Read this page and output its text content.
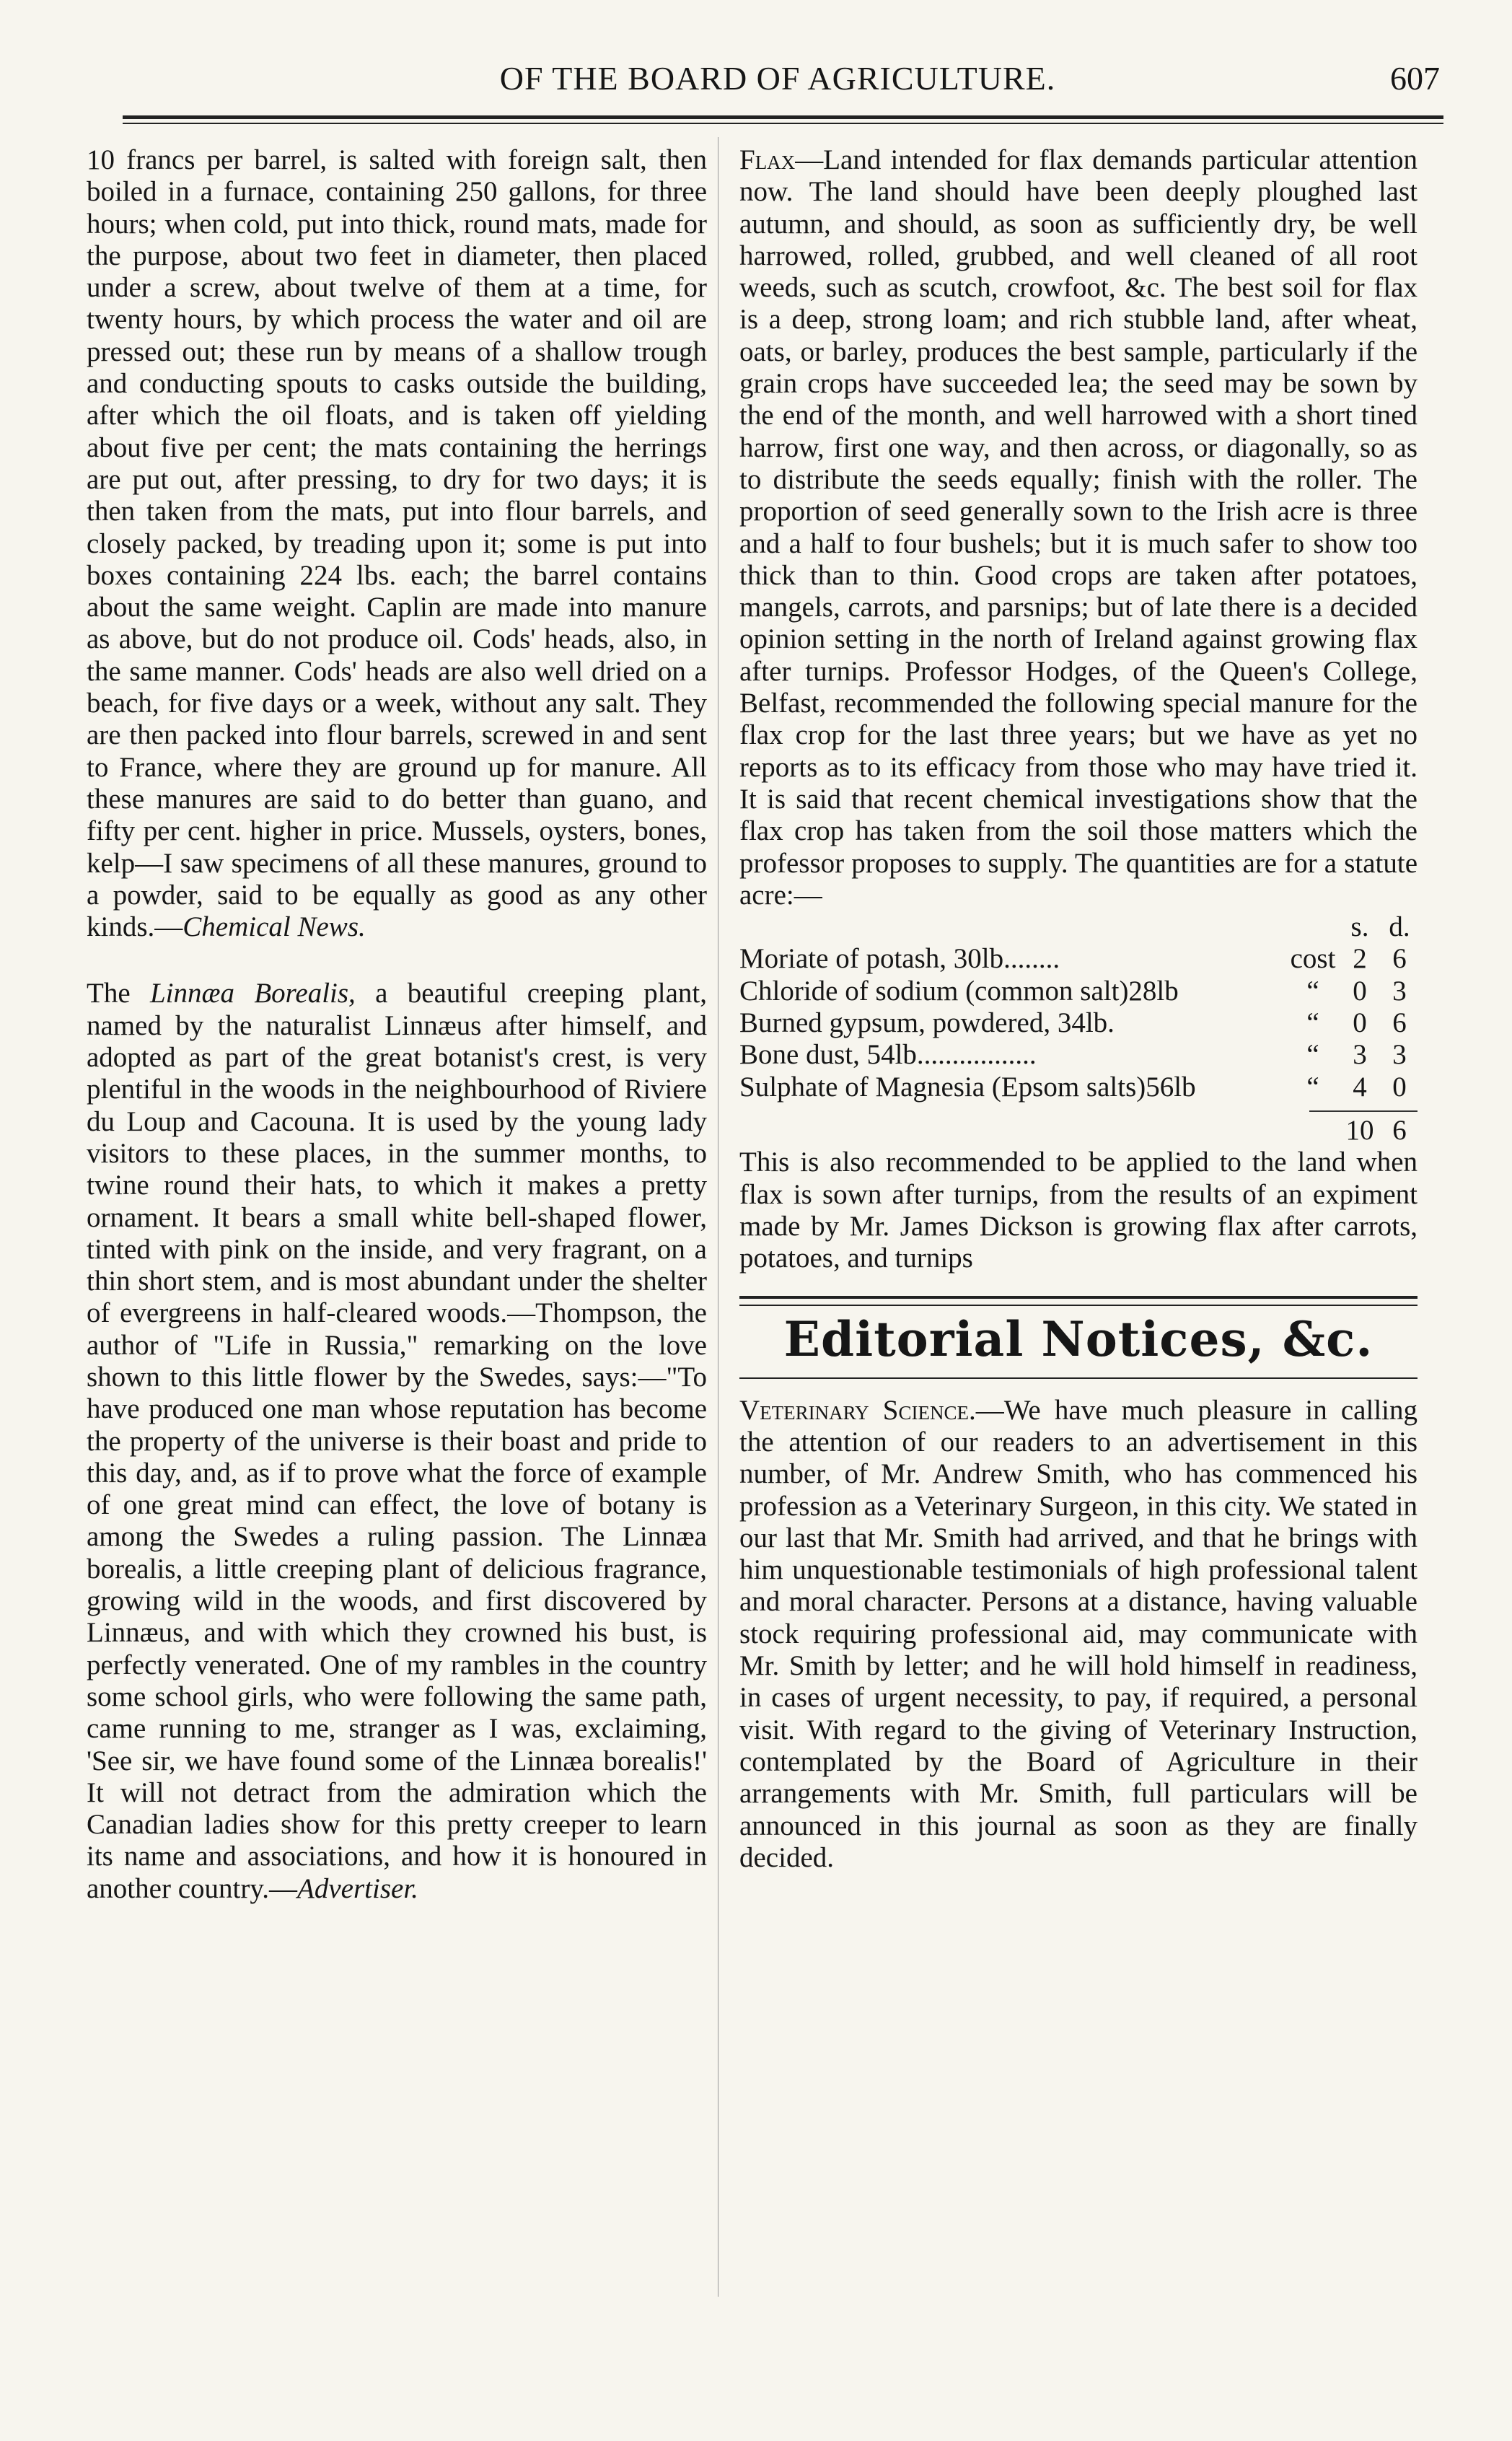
OF THE BOARD OF AGRICULTURE.	607

10 francs per barrel, is salted with foreign salt, then boiled in a furnace, containing 250 gallons, for three hours; when cold, put into thick, round mats, made for the purpose, about two feet in diameter, then placed under a screw, about twelve of them at a time, for twenty hours, by which process the water and oil are pressed out; these run by means of a shallow trough and conducting spouts to casks outside the building, after which the oil floats, and is taken off yielding about five per cent; the mats containing the herrings are put out, after pressing, to dry for two days; it is then taken from the mats, put into flour barrels, and closely packed, by treading upon it; some is put into boxes containing 224 lbs. each; the barrel contains about the same weight. Caplin are made into manure as above, but do not produce oil. Cods' heads, also, in the same manner. Cods' heads are also well dried on a beach, for five days or a week, without any salt. They are then packed into flour barrels, screwed in and sent to France, where they are ground up for manure. All these manures are said to do better than guano, and fifty per cent. higher in price. Mussels, oysters, bones, kelp—I saw specimens of all these manures, ground to a powder, said to be equally as good as any other kinds.—Chemical News.

The Linnæa Borealis, a beautiful creeping plant, named by the naturalist Linnæus after himself, and adopted as part of the great botanist's crest, is very plentiful in the woods in the neighbourhood of Riviere du Loup and Cacouna. It is used by the young lady visitors to these places, in the summer months, to twine round their hats, to which it makes a pretty ornament. It bears a small white bell-shaped flower, tinted with pink on the inside, and very fragrant, on a thin short stem, and is most abundant under the shelter of evergreens in half-cleared woods.—Thompson, the author of "Life in Russia," remarking on the love shown to this little flower by the Swedes, says:—"To have produced one man whose reputation has become the property of the universe is their boast and pride to this day, and, as if to prove what the force of example of one great mind can effect, the love of botany is among the Swedes a ruling passion. The Linnæa borealis, a little creeping plant of delicious fragrance, growing wild in the woods, and first discovered by Linnæus, and with which they crowned his bust, is perfectly venerated. One of my rambles in the country some school girls, who were following the same path, came running to me, stranger as I was, exclaiming, 'See sir, we have found some of the Linnæa borealis!' It will not detract from the admiration which the Canadian ladies show for this pretty creeper to learn its name and associations, and how it is honoured in another country.—Advertiser.

Flax—Land intended for flax demands particular attention now. The land should have been deeply ploughed last autumn, and should, as soon as sufficiently dry, be well harrowed, rolled, grubbed, and well cleaned of all root weeds, such as scutch, crowfoot, &c. The best soil for flax is a deep, strong loam; and rich stubble land, after wheat, oats, or barley, produces the best sample, particularly if the grain crops have succeeded lea; the seed may be sown by the end of the month, and well harrowed with a short tined harrow, first one way, and then across, or diagonally, so as to distribute the seeds equally; finish with the roller. The proportion of seed generally sown to the Irish acre is three and a half to four bushels; but it is much safer to show too thick than to thin. Good crops are taken after potatoes, mangels, carrots, and parsnips; but of late there is a decided opinion setting in the north of Ireland against growing flax after turnips. Professor Hodges, of the Queen's College, Belfast, recommended the following special manure for the flax crop for the last three years; but we have as yet no reports as to its efficacy from those who may have tried it. It is said that recent chemical investigations show that the flax crop has taken from the soil those matters which the professor proposes to supply. The quantities are for a statute acre:—

s. d.
Moriate of potash, 30lb........	cost 2 6
Chloride of sodium (common salt)28lb	“	0 3
Burned gypsum, powdered, 34lb.	“	0 6
Bone dust, 54lb.................	“	3 3
Sulphate of Magnesia (Epsom salts)56lb	“	4 0
10 6

This is also recommended to be applied to the land when flax is sown after turnips, from the results of an expiment made by Mr. James Dickson is growing flax after carrots, potatoes, and turnips

Editorial Notices, &c.

Veterinary Science.—We have much pleasure in calling the attention of our readers to an advertisement in this number, of Mr. Andrew Smith, who has commenced his profession as a Veterinary Surgeon, in this city. We stated in our last that Mr. Smith had arrived, and that he brings with him unquestionable testimonials of high professional talent and moral character. Persons at a distance, having valuable stock requiring professional aid, may communicate with Mr. Smith by letter; and he will hold himself in readiness, in cases of urgent necessity, to pay, if required, a personal visit. With regard to the giving of Veterinary Instruction, contemplated by the Board of Agriculture in their arrangements with Mr. Smith, full particulars will be announced in this journal as soon as they are finally decided.
